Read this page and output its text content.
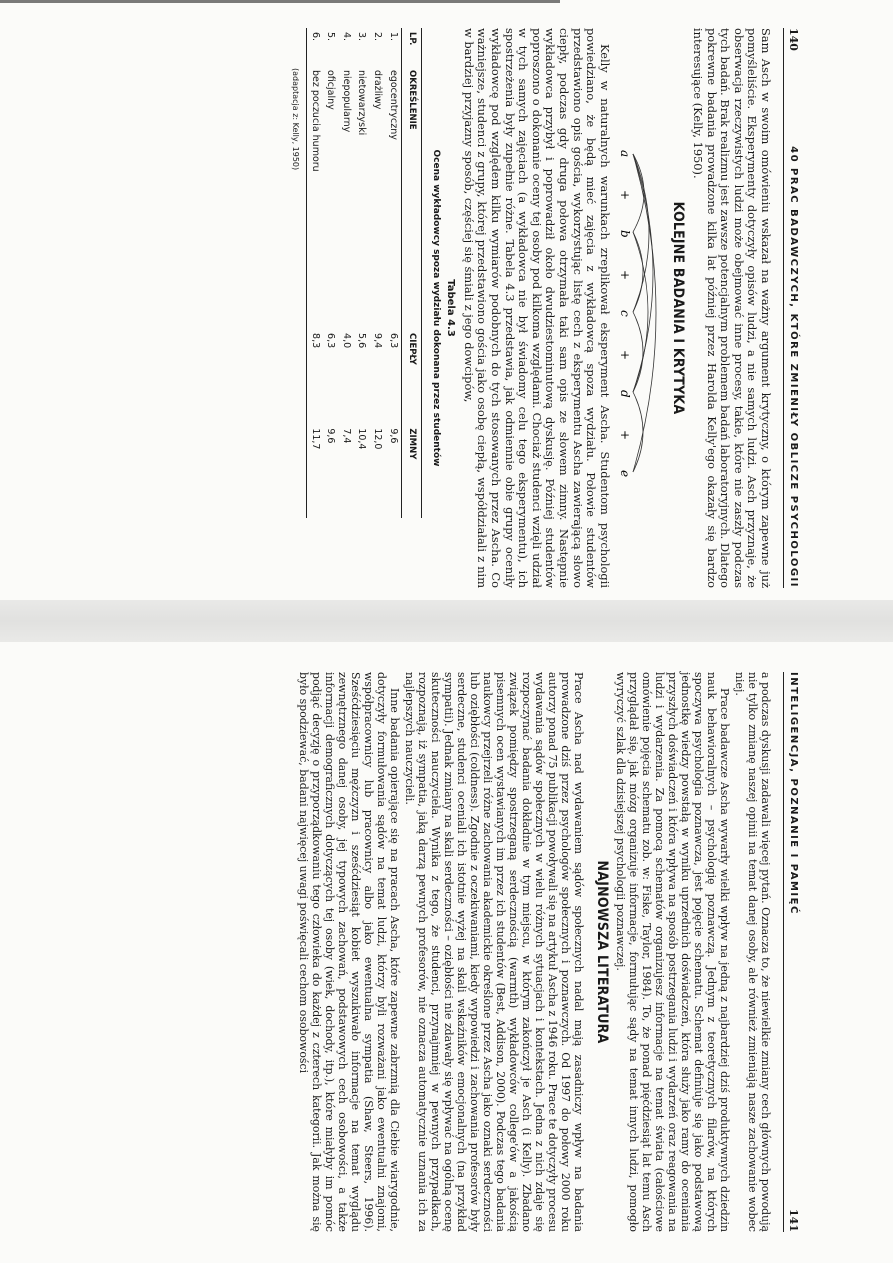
140
40 PRAC BADAWCZYCH, KTÓRE ZMIENIŁY OBLICZE PSYCHOLOGII

Sam Asch w swoim omówieniu wskazał na ważny argument krytyczny, o którym zapewne już pomyśleliście. Eksperymenty dotyczyły opisów ludzi, a nie samych ludzi. Asch przyznaje, że obserwacja rzeczywistych ludzi może obejmować inne procesy, takie, które nie zaszły podczas tych badań. Brak realizmu jest zawsze potencjalnym problemem badań laboratoryjnych. Dlatego pokrewne badania prowadzone kilka lat później przez Harolda Kelly'ego okazały się bardzo interesujące (Kelly, 1950).

KOLEJNE BADANIA I KRYTYKA
a
+
b
+
c
+
d
+
e

Kelly w naturalnych warunkach zreplikował eksperyment Ascha. Studentom psychologii powiedziano, że będą mieć zajęcia z wykładowcą spoza wydziału. Połowie studentów przedstawiono opis gościa, wykorzystując listę cech z eksperymentu Ascha zawierającą słowo ciepły, podczas gdy druga połowa otrzymała taki sam opis ze słowem zimny. Następnie wykładowca przybył i poprowadził około dwudziestominutową dyskusję. Później studentów poproszono o dokonanie oceny tej osoby pod kilkoma względami. Chociaż studenci wzięli udział w tych samych zajęciach (a wykładowca nie był świadomy celu tego eksperymentu), ich spostrzeżenia były zupełnie różne. Tabela 4.3 przedstawia, jak odmiennie obie grupy oceniły wykładowcę pod względem kilku wymiarów podobnych do tych stosowanych przez Ascha. Co ważniejsze, studenci z grupy, której przedstawiono gościa jako osobę ciepłą, współdziałali z nim w bardziej przyjazny sposób, częściej się śmiali z jego dowcipów,

Tabela 4.3
Ocena wykładowcy spoza wydziału dokonana przez studentów
LP.	OKREŚLENIE	CIEPŁY	ZIMNY
1.	egocentryczny	6,3	9,6
2.	drażliwy	9,4	12,0
3.	nietowarzyski	5,6	10,4
4.	niepopularny	4,0	7,4
5.	oficjalny	6,3	9,6
6.	bez poczucia humoru	8,3	11,7
(adaptacja z: Kelly, 1950)
INTELIGENCJA, POZNANIE I PAMIĘĆ
141

a podczas dyskusji zadawali więcej pytań. Oznacza to, że niewielkie zmiany cech głównych powodują nie tylko zmianę naszej opinii na temat danej osoby, ale również zmieniają nasze zachowanie wobec niej.

Prace badawcze Ascha wywarły wielki wpływ na jedną z najbardziej dziś produktywnych dziedzin nauk behawioralnych – psychologię poznawczą. Jednym z teoretycznych filarów, na których spoczywa psychologia poznawcza, jest pojęcie schematu. Schemat definiuje się jako podstawową jednostkę wiedzy powstałą w wyniku uprzednich doświadczeń, która służy jako ramy do oceniania przyszłych doświadczeń i która wpływa na sposób postrzegania ludzi i wydarzeń oraz reagowania na ludzi i wydarzenia. Za pomocą schematów organizujesz informacje na temat świata (całościowe omówienie pojęcia schematu zob. w: Fiske, Taylor, 1984). To, że ponad pięćdziesiąt lat temu Asch przyglądał się, jak mózg organizuje informacje, formułując sądy na temat innych ludzi, pomogło wyryczyć szlak dla dzisiejszej psychologii poznawczej.

NAJNOWSZA LITERATURA

Prace Ascha nad wydawaniem sądów społecznych nadal mają zasadniczy wpływ na badania prowadzone dziś przez psychologów społecznych i poznawczych. Od 1997 do połowy 2000 roku autorzy ponad 75 publikacji powoływali się na artykuł Ascha z 1946 roku. Prace te dotyczyły procesu wydawania sądów społecznych w wielu różnych sytuacjach i kontekstach. Jedna z nich zdaje się rozpoczynać badania dokładnie w tym miejscu, w którym zakończył je Asch (i Kelly). Zbadano związek pomiędzy spostrzeganą serdecznością (warmth) wykładowców college'ów a jakością pisemnych ocen wystawianych im przez ich studentów (Best, Addison, 2000). Podczas tego badania naukowcy przejrzeli różne zachowania akademickie określone przez Ascha jako oznaki serdeczności lub oziębłości (coldness). Zgodnie z oczekiwaniami, kiedy wypowiedzi i zachowania profesorów były serdeczne, studenci oceniali ich istotnie wyżej na skali wskaźników emocjonalnych (na przykład sympatii). Jednak zmiany na skali serdeczności – oziębłości nie zdawały się wpływać na ogólną ocenę skuteczności nauczyciela. Wynika z tego, że studenci, przynajmniej w pewnych przypadkach, rozpoznają, iż sympatia, jaką darzą pewnych profesorów, nie oznacza automatycznie uznania ich za najlepszych nauczycieli.

Inne badania opierające się na pracach Ascha, które zapewne zabrzmią dla Ciebie wiarygodnie, dotyczyły formułowania sądów na temat ludzi, którzy byli rozważani jako ewentualni znajomi, współpracownicy lub pracownicy albo jako ewentualna sympatia (Shaw, Steers, 1996). Sześćdziesięciu mężczyzn i sześćdziesiąt kobiet wyszukiwało informacje na temat wyglądu zewnętrznego danej osoby, jej typowych zachowań, podstawowych cech osobowości, a także informacji demograficznych dotyczących tej osoby (wiek, dochody, itp.), które miałyby im pomóc podjąć decyzję o przyporządkowaniu tego człowieka do każdej z czterech kategorii. Jak można się było spodziewać, badani najwięcej uwagi poświęcali cechom osobowości
